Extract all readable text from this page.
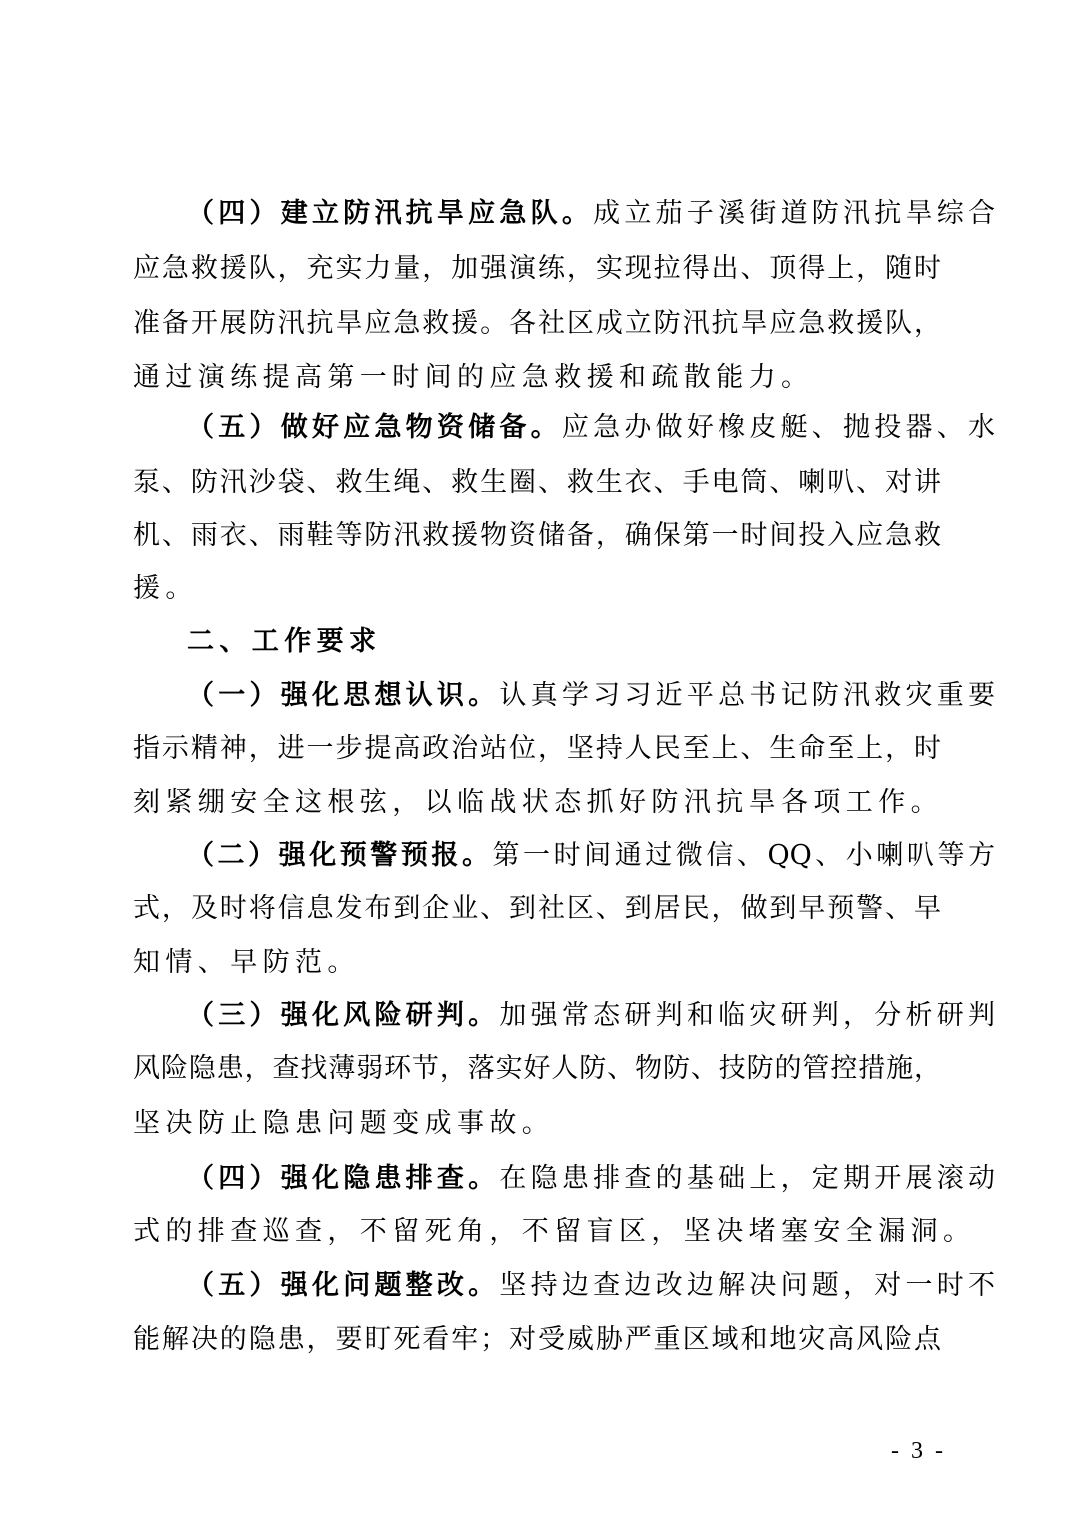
（四）建立防汛抗旱应急队。成立茄子溪街道防汛抗旱综合
应急救援队，充实力量，加强演练，实现拉得出、顶得上，随时
准备开展防汛抗旱应急救援。各社区成立防汛抗旱应急救援队，
通过演练提高第一时间的应急救援和疏散能力。
（五）做好应急物资储备。应急办做好橡皮艇、抛投器、水
泵、防汛沙袋、救生绳、救生圈、救生衣、手电筒、喇叭、对讲
机、雨衣、雨鞋等防汛救援物资储备，确保第一时间投入应急救
援。
二、工作要求
（一）强化思想认识。认真学习习近平总书记防汛救灾重要
指示精神，进一步提高政治站位，坚持人民至上、生命至上，时
刻紧绷安全这根弦，以临战状态抓好防汛抗旱各项工作。
（二）强化预警预报。第一时间通过微信、QQ、小喇叭等方
式，及时将信息发布到企业、到社区、到居民，做到早预警、早
知情、早防范。
（三）强化风险研判。加强常态研判和临灾研判，分析研判
风险隐患，查找薄弱环节，落实好人防、物防、技防的管控措施，
坚决防止隐患问题变成事故。
（四）强化隐患排查。在隐患排查的基础上，定期开展滚动
式的排查巡查，不留死角，不留盲区，坚决堵塞安全漏洞。
（五）强化问题整改。坚持边查边改边解决问题，对一时不
能解决的隐患，要盯死看牢；对受威胁严重区域和地灾高风险点
- 3 -
